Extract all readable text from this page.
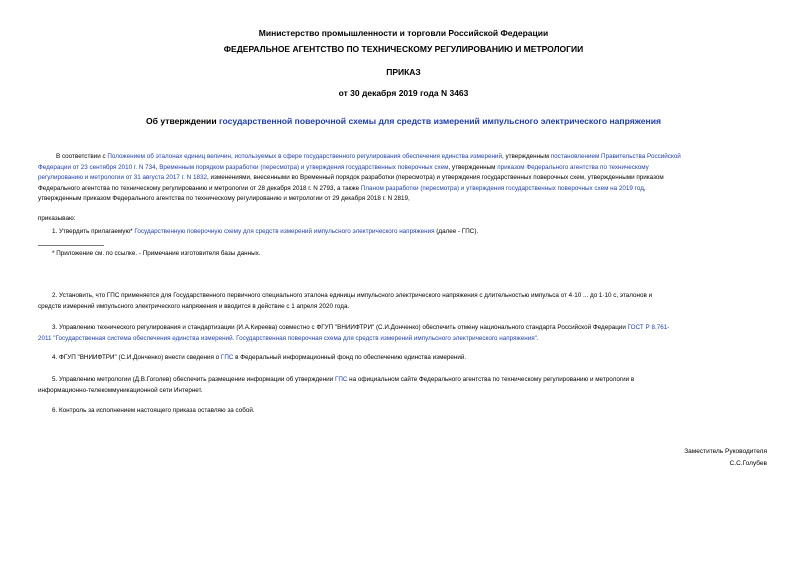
Министерство промышленности и торговли Российской Федерации
ФЕДЕРАЛЬНОЕ АГЕНТСТВО ПО ТЕХНИЧЕСКОМУ РЕГУЛИРОВАНИЮ И МЕТРОЛОГИИ
ПРИКАЗ
от 30 декабря 2019 года N 3463
Об утверждении государственной поверочной схемы для средств измерений импульсного электрического напряжения
В соответствии с Положением об эталонах единиц величин, используемых в сфере государственного регулирования обеспечения единства измерений, утвержденным постановлением Правительства Российской
Федерации от 23 сентября 2010 г. N 734, Временным порядком разработки (пересмотра) и утверждения государственных поверочных схем, утвержденным приказом Федерального агентства по техническому
регулированию и метрологии от 31 августа 2017 г. N 1832, изменениями, внесенными во Временный порядок разработки (пересмотра) и утверждения государственных поверочных схем, утвержденными приказом
Федерального агентства по техническому регулированию и метрологии от 28 декабря 2018 г. N 2793, а также Планом разработки (пересмотра) и утверждения государственных поверочных схем на 2019 год,
утвержденным приказом Федерального агентства по техническому регулированию и метрологии от 29 декабря 2018 г. N 2819,
приказываю:
1. Утвердить прилагаемую* Государственную поверочную схему для средств измерений импульсного электрического напряжения (далее - ГПС).
* Приложение см. по ссылке. - Примечание изготовителя базы данных.
2. Установить, что ГПС применяется для Государственного первичного специального эталона единицы импульсного электрического напряжения с длительностью импульса от 4·10 ... до 1·10 с, эталонов и
средств измерений импульсного электрического напряжения и вводится в действие с 1 апреля 2020 года.
3. Управлению технического регулирования и стандартизации (И.А.Киреева) совместно с ФГУП "ВНИИФТРИ" (С.И.Донченко) обеспечить отмену национального стандарта Российской Федерации ГОСТ Р 8.761-
2011 "Государственная система обеспечения единства измерений. Государственная поверочная схема для средств измерений импульсного электрического напряжения".
4. ФГУП "ВНИИФТРИ" (С.И.Донченко) внести сведения о ГПС в Федеральный информационный фонд по обеспечению единства измерений.
5. Управлению метрологии (Д.В.Гоголев) обеспечить размещение информации об утверждении ГПС на официальном сайте Федерального агентства по техническому регулированию и метрологии в
информационно-телекоммуникационной сети Интернет.
6. Контроль за исполнением настоящего приказа оставляю за собой.
Заместитель Руководителя
С.С.Голубев
